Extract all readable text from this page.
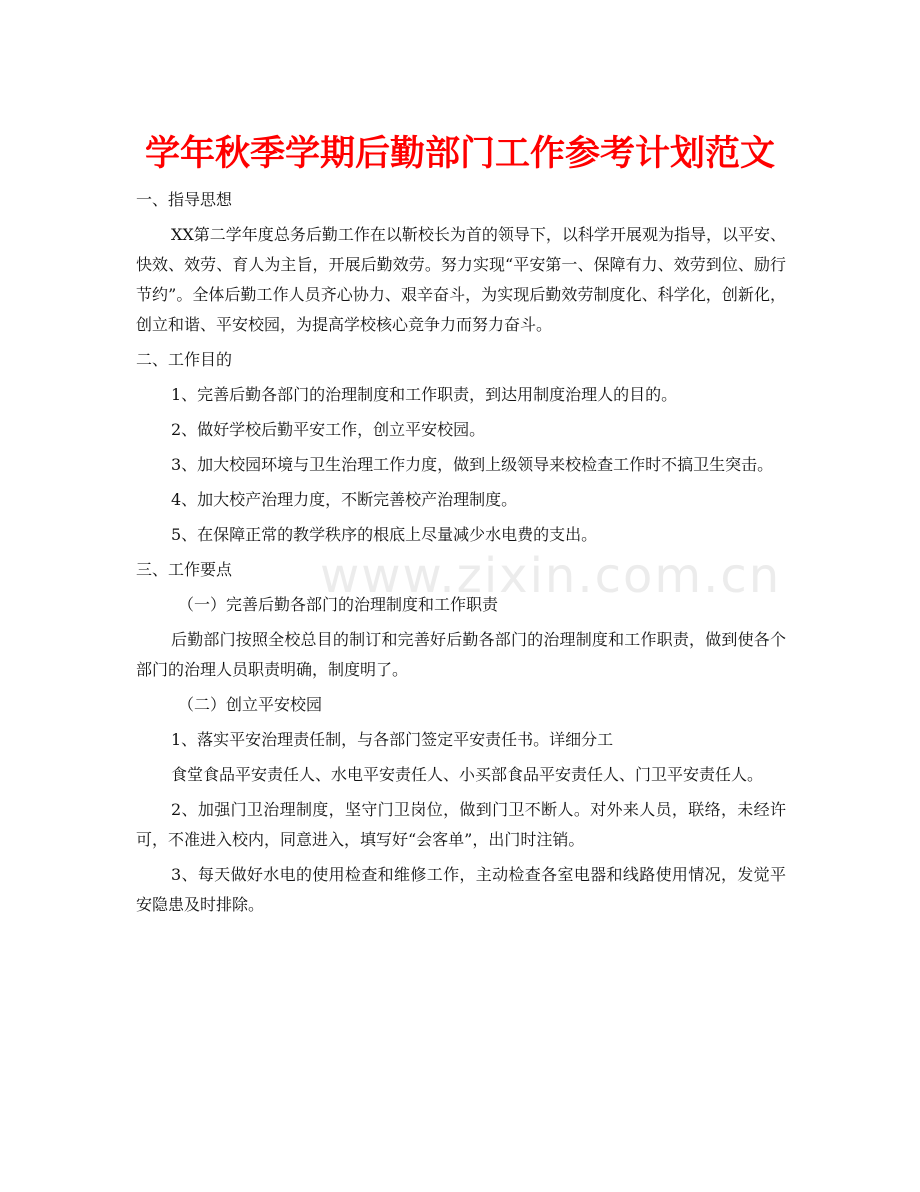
学年秋季学期后勤部门工作参考计划范文
www.zixin.com.cn

一、指导思想

XX第二学年度总务后勤工作在以靳校长为首的领导下，以科学开展观为指导，以平安、快效、效劳、育人为主旨，开展后勤效劳。努力实现“平安第一、保障有力、效劳到位、励行节约”。全体后勤工作人员齐心协力、艰辛奋斗，为实现后勤效劳制度化、科学化，创新化，创立和谐、平安校园，为提高学校核心竞争力而努力奋斗。

二、工作目的

1、完善后勤各部门的治理制度和工作职责，到达用制度治理人的目的。

2、做好学校后勤平安工作，创立平安校园。

3、加大校园环境与卫生治理工作力度，做到上级领导来校检查工作时不搞卫生突击。

4、加大校产治理力度，不断完善校产治理制度。

5、在保障正常的教学秩序的根底上尽量减少水电费的支出。

三、工作要点

（一）完善后勤各部门的治理制度和工作职责

后勤部门按照全校总目的制订和完善好后勤各部门的治理制度和工作职责，做到使各个部门的治理人员职责明确，制度明了。

（二）创立平安校园

1、落实平安治理责任制，与各部门签定平安责任书。详细分工

食堂食品平安责任人、水电平安责任人、小买部食品平安责任人、门卫平安责任人。

2、加强门卫治理制度，坚守门卫岗位，做到门卫不断人。对外来人员，联络，未经许可，不准进入校内，同意进入，填写好“会客单”，出门时注销。

3、每天做好水电的使用检查和维修工作，主动检查各室电器和线路使用情况，发觉平安隐患及时排除。
